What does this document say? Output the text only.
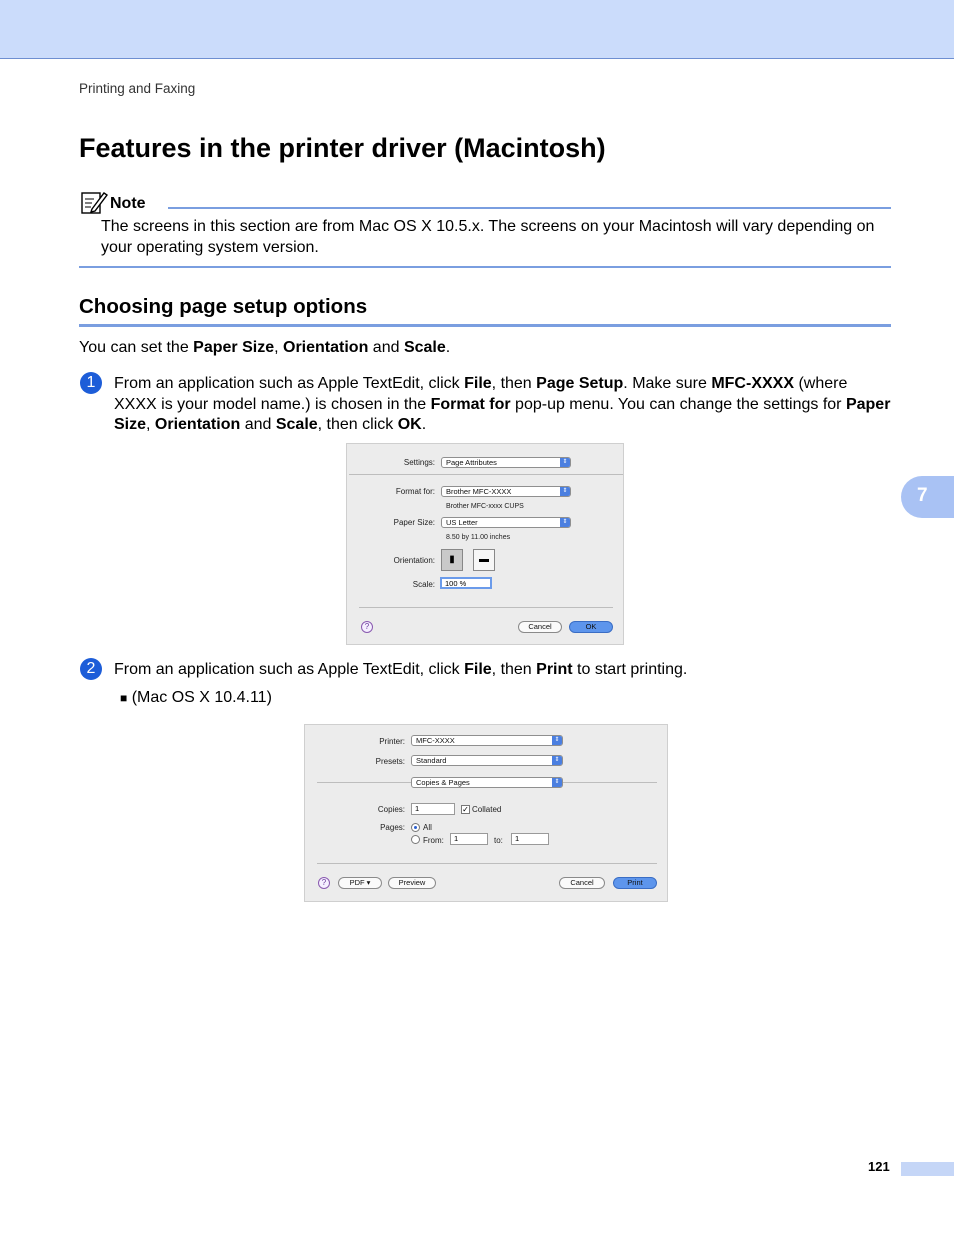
Printing and Faxing
Features in the printer driver (Macintosh)
Note
The screens in this section are from Mac OS X 10.5.x. The screens on your Macintosh will vary depending on your operating system version.
Choosing page setup options
You can set the Paper Size, Orientation and Scale.
1	From an application such as Apple TextEdit, click File, then Page Setup. Make sure MFC-XXXX (where XXXX is your model name.) is chosen in the Format for pop-up menu. You can change the settings for Paper Size, Orientation and Scale, then click OK.
Settings:	Page Attributes	⇕
Format for:	Brother MFC-XXXX	⇕
Brother MFC-xxxx CUPS
Paper Size:	US Letter	⇕
8.50 by 11.00 inches
Orientation:	▮	▬
Scale:	100 %
?	Cancel	OK
2	From an application such as Apple TextEdit, click File, then Print to start printing.
■ (Mac OS X 10.4.11)
Printer:	MFC-XXXX	⇕
Presets:	Standard	⇕
Copies & Pages	⇕
Copies:	1	✓ Collated
Pages: All
From:	1	to:	1
?	PDF ▾	Preview	Cancel	Print
7
121
